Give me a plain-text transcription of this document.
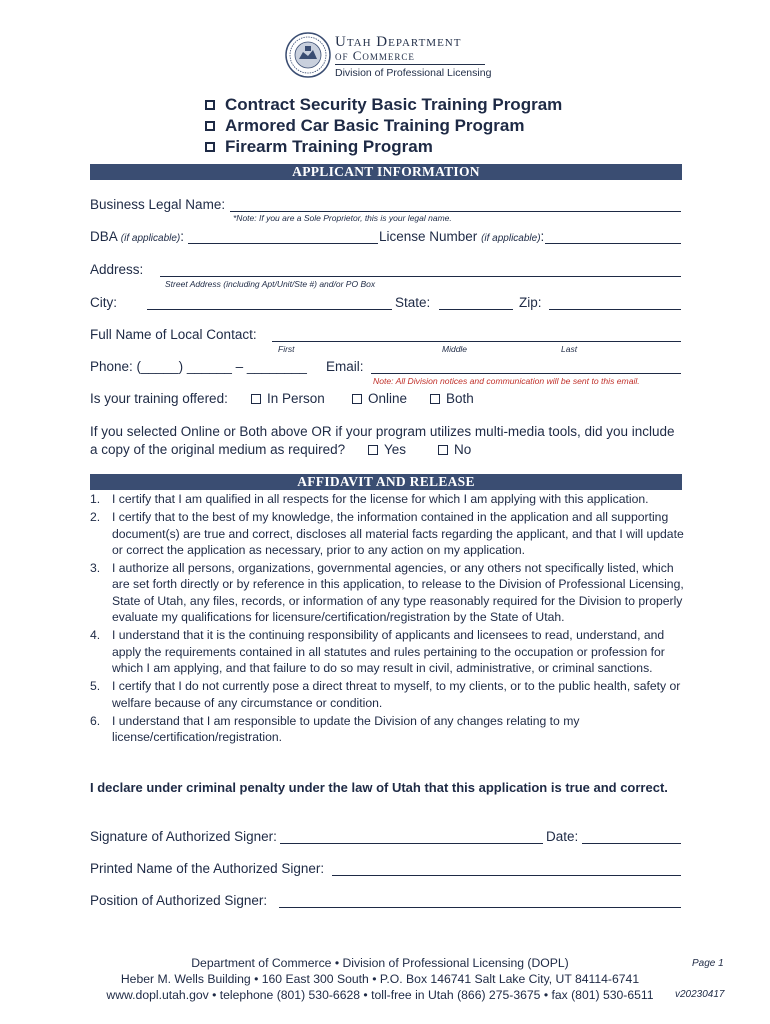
Utah Department
of Commerce
Division of Professional Licensing
Contract Security Basic Training Program
Armored Car Basic Training Program
Firearm Training Program
APPLICANT INFORMATION
Business Legal Name:
*Note: If you are a Sole Proprietor, this is your legal name.
DBA (if applicable):	License Number (if applicable):
Address:
Street Address (including Apt/Unit/Ste #) and/or PO Box
City:	State:	Zip:
Full Name of Local Contact:
First	Middle	Last
Phone: (_____) ______ – ________ Email:
Note: All Division notices and communication will be sent to this email.
Is your training offered:	In Person	Online	Both
If you selected Online or Both above OR if your program utilizes multi-media tools, did you include
a copy of the original medium as required?	Yes	No
AFFIDAVIT AND RELEASE
1. I certify that I am qualified in all respects for the license for which I am applying with this application.
2. I certify that to the best of my knowledge, the information contained in the application and all supporting document(s) are true and correct, discloses all material facts regarding the applicant, and that I will update or correct the application as necessary, prior to any action on my application.
3. I authorize all persons, organizations, governmental agencies, or any others not specifically listed, which are set forth directly or by reference in this application, to release to the Division of Professional Licensing, State of Utah, any files, records, or information of any type reasonably required for the Division to properly evaluate my qualifications for licensure/certification/registration by the State of Utah.
4. I understand that it is the continuing responsibility of applicants and licensees to read, understand, and apply the requirements contained in all statutes and rules pertaining to the occupation or profession for which I am applying, and that failure to do so may result in civil, administrative, or criminal sanctions.
5. I certify that I do not currently pose a direct threat to myself, to my clients, or to the public health, safety or welfare because of any circumstance or condition.
6. I understand that I am responsible to update the Division of any changes relating to my license/certification/registration.
I declare under criminal penalty under the law of Utah that this application is true and correct.
Signature of Authorized Signer:	Date:
Printed Name of the Authorized Signer:
Position of Authorized Signer:
Department of Commerce • Division of Professional Licensing (DOPL)
Heber M. Wells Building • 160 East 300 South • P.O. Box 146741 Salt Lake City, UT 84114-6741
www.dopl.utah.gov • telephone (801) 530-6628 • toll-free in Utah (866) 275-3675 • fax (801) 530-6511
Page 1
v20230417
